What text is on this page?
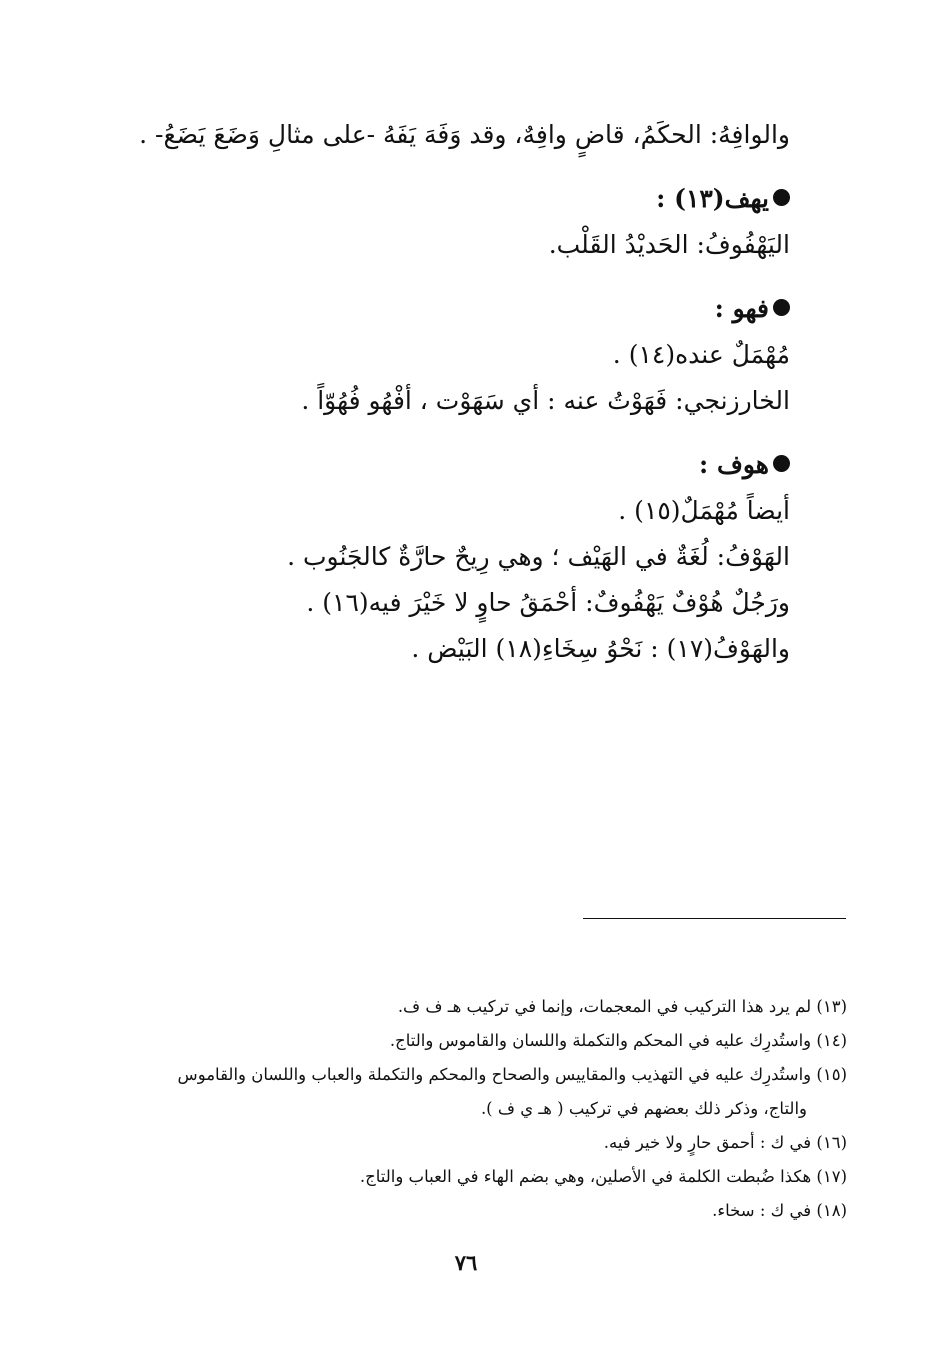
والوافِهُ: الحكَمُ، قاضٍ وافِهٌ، وقد وَفَهَ يَفَهُ -على مثالِ وَضَعَ يَضَعُ- .
يهف(١٣) :
اليَهْفُوفُ: الحَديْدُ القَلْب.
فهو :
مُهْمَلٌ عنده(١٤) .
الخارزنجي: فَهَوْتُ عنه : أي سَهَوْت ، أفْهُو فُهُوّاً .
هوف :
أيضاً مُهْمَلٌ(١٥) .
الهَوْفُ: لُغَةٌ في الهَيْف ؛ وهي رِيحٌ حارَّةٌ كالجَنُوب .
ورَجُلٌ هُوْفٌ يَهْفُوفٌ: أحْمَقُ حاوٍ لا خَيْرَ فيه(١٦) .
والهَوْفُ(١٧) : نَحْوُ سِخَاءِ(١٨) البَيْض .
(١٣) لم يرد هذا التركيب في المعجمات، وإنما في تركيب هـ ف ف.
(١٤) واستُدرِك عليه في المحكم والتكملة واللسان والقاموس والتاج.
(١٥) واستُدرِك عليه في التهذيب والمقاييس والصحاح والمحكم والتكملة والعباب واللسان والقاموس
والتاج، وذكر ذلك بعضهم في تركيب ( هـ ي ف ).
(١٦) في ك : أحمق حارٍ ولا خير فيه.
(١٧) هكذا ضُبطت الكلمة في الأصلين، وهي بضم الهاء في العباب والتاج.
(١٨) في ك : سخاء.
٧٦
